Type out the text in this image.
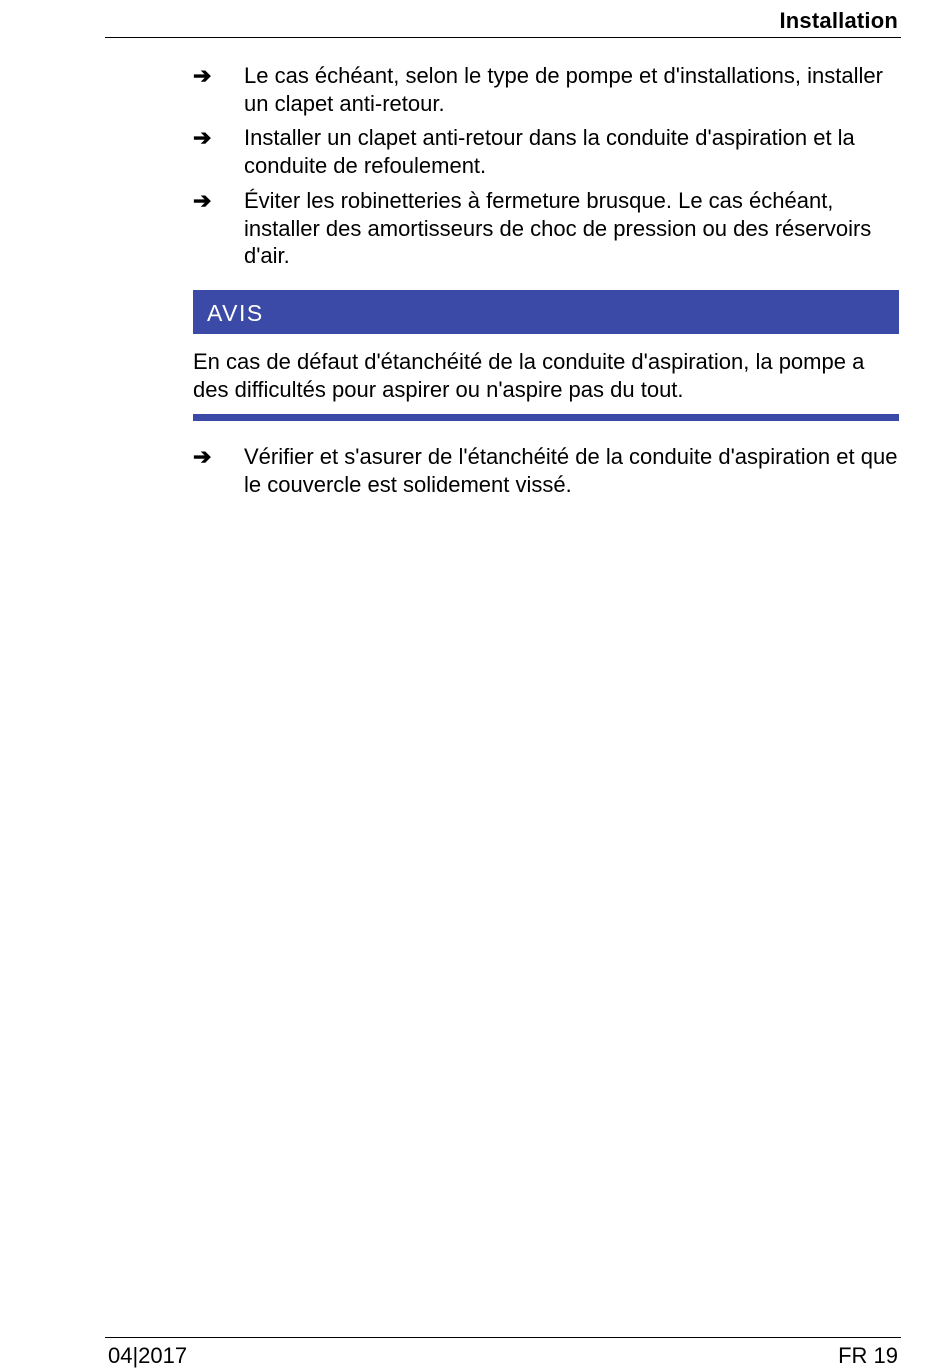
Installation
➔	Le cas échéant, selon le type de pompe et d'installations, installer un clapet anti-retour.
➔	Installer un clapet anti-retour dans la conduite d'aspiration et la conduite de refoulement.
➔	Éviter les robinetteries à fermeture brusque. Le cas échéant, installer des amortisseurs de choc de pression ou des réservoirs d'air.
AVIS
En cas de défaut d'étanchéité de la conduite d'aspiration, la pompe a des difficultés pour aspirer ou n'aspire pas du tout.
➔	Vérifier et s'asurer de l'étanchéité de la conduite d'aspiration et que le couvercle est solidement vissé.
04|2017	FR 19
